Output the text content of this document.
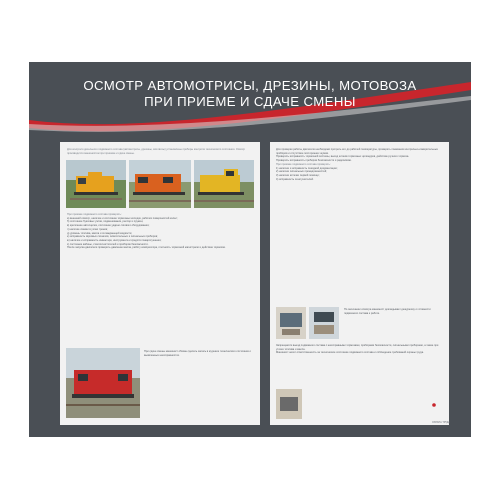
ОСМОТР АВТОМОТРИСЫ, ДРЕЗИНЫ, МОТОВОЗА
ПРИ ПРИЕМЕ И СДАЧЕ СМЕНЫ

Для контроля дизельного подвижного состава (автомотрисы, дрезины, мотовозы) установлены приборы контроля технического состояния. Осмотр производится машинистом при приемке и сдаче смены.

При приемке подвижного состава проверить:

а) внешний осмотр, наличие и состояние тормозных колодок, рабочих поверхностей колес;

б) состояние буксовых узлов, подвешивания, рессор и пружин;

в) крепление автосцепок, состояние ударно-тягового оборудования;

г) наличие смазки в узлах трения;

д) уровень топлива, масла и охлаждающей жидкости;

е) исправность звуковых сигналов, осветительных и сигнальных приборов;

ж) наличие и исправность инвентаря, инструмента и средств пожаротушения;

з) состояние кабины, стеклоочистителей и приборов безопасности.

После запуска двигателя проверить давление масла, работу компрессора, плотность тормозной магистрали и действие тормозов.

При сдаче смены машинист обязан сделать запись в журнале технического состояния о выявленных неисправностях.

Для проверки работы двигателя необходимо прогреть его до рабочей температуры, проверить показания контрольно-измерительных приборов и отсутствие посторонних шумов.

Проверить исправность тормозной системы, выход штоков тормозных цилиндров, действие ручного тормоза.

Проверить исправность приборов безопасности и радиосвязи.

При приемке подвижного состава проверить:

1) наличие и исправность поездной документации;

2) наличие сигнальных принадлежностей;

3) наличие аптечки первой помощи;

4) исправность огнетушителей.

По окончании осмотра машинист докладывает дежурному о готовности подвижного состава к работе.

Запрещается выезд подвижного состава с неисправными тормозами, приборами безопасности, сигнальными приборами, а также при утечке топлива и масла.

Машинист несет ответственность за техническое состояние подвижного состава и соблюдение требований охраны труда.

ОХРАНА ТРУДА
